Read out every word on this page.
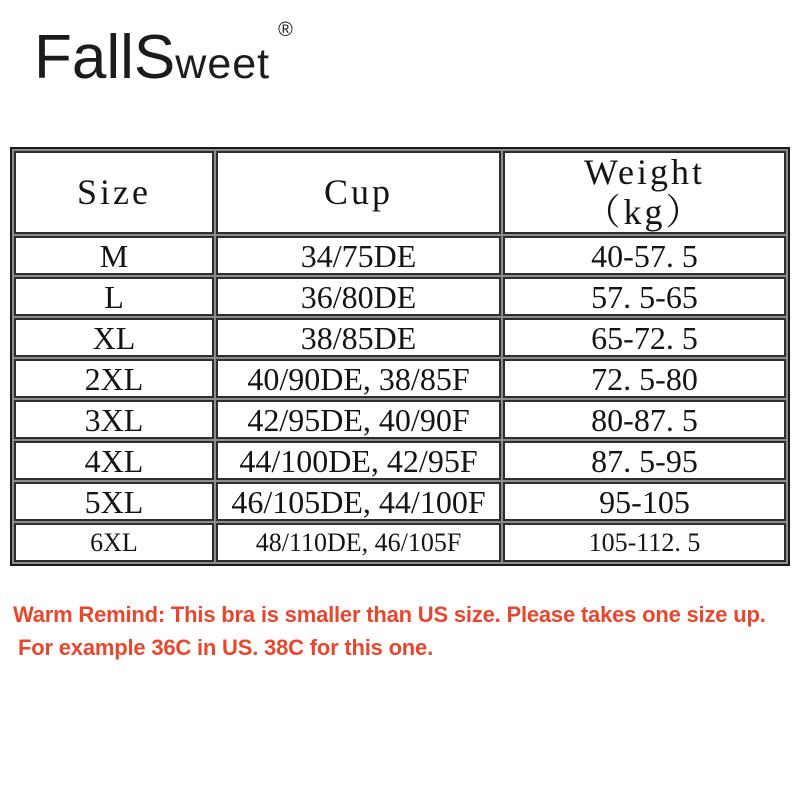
FallSweet®
Size	Cup	Weight
（kg）
M	34/75DE	40-57. 5
L	36/80DE	57. 5-65
XL	38/85DE	65-72. 5
2XL	40/90DE, 38/85F	72. 5-80
3XL	42/95DE, 40/90F	80-87. 5
4XL	44/100DE, 42/95F	87. 5-95
5XL	46/105DE, 44/100F	95-105
6XL	48/110DE, 46/105F	105-112. 5
Warm Remind: This bra is smaller than US size. Please takes one size up.
For example 36C in US. 38C for this one.
